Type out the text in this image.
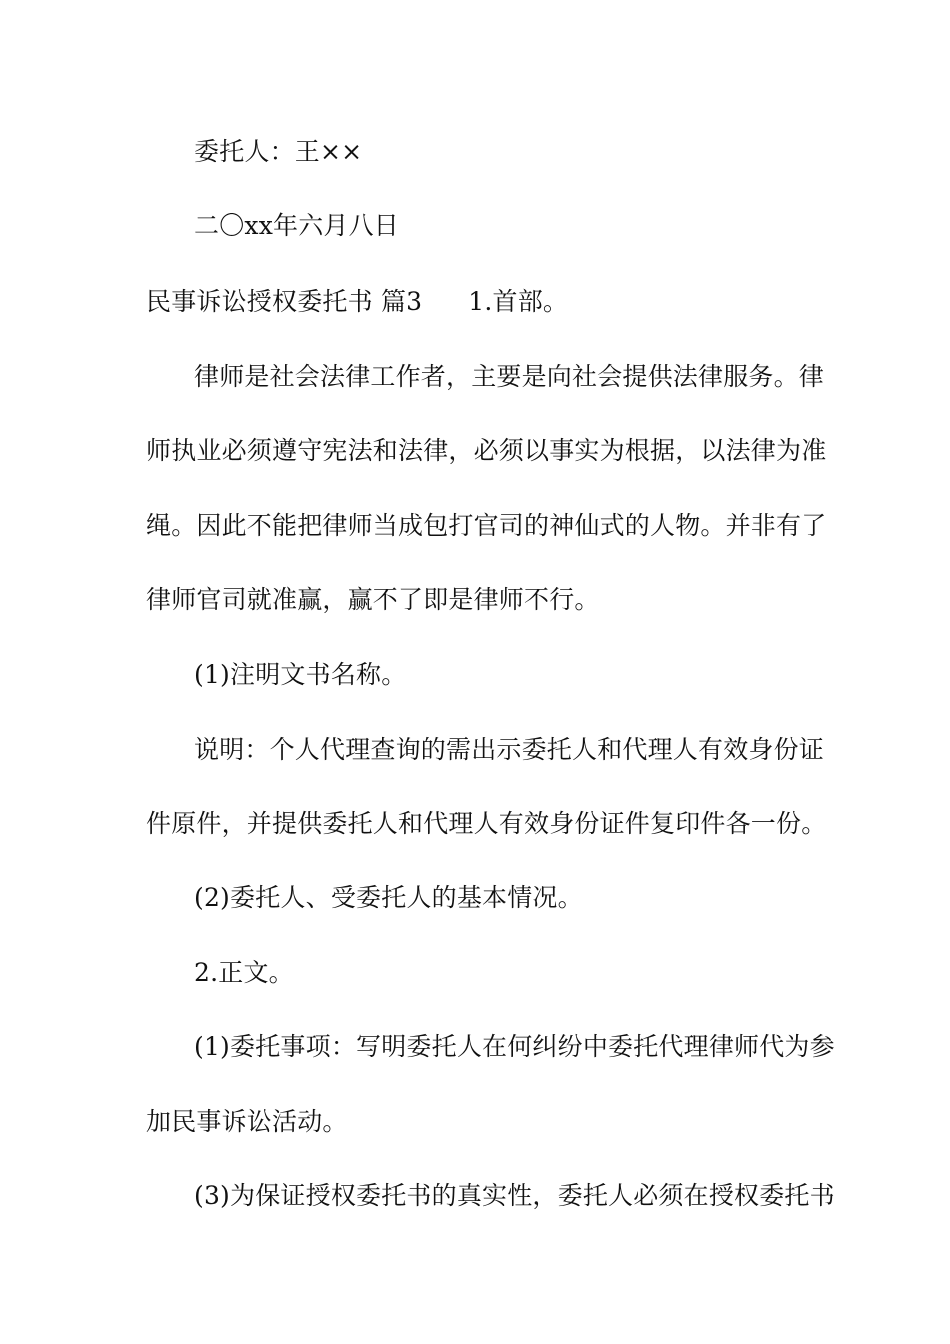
委托人：王××
二〇xx年六月八日
民事诉讼授权委托书 篇3 1.首部。
律师是社会法律工作者，主要是向社会提供法律服务。律
师执业必须遵守宪法和法律，必须以事实为根据，以法律为准
绳。因此不能把律师当成包打官司的神仙式的人物。并非有了
律师官司就准赢，赢不了即是律师不行。
(1)注明文书名称。
说明：个人代理查询的需出示委托人和代理人有效身份证
件原件，并提供委托人和代理人有效身份证件复印件各一份。
(2)委托人、受委托人的基本情况。
2.正文。
(1)委托事项：写明委托人在何纠纷中委托代理律师代为参
加民事诉讼活动。
(3)为保证授权委托书的真实性，委托人必须在授权委托书
